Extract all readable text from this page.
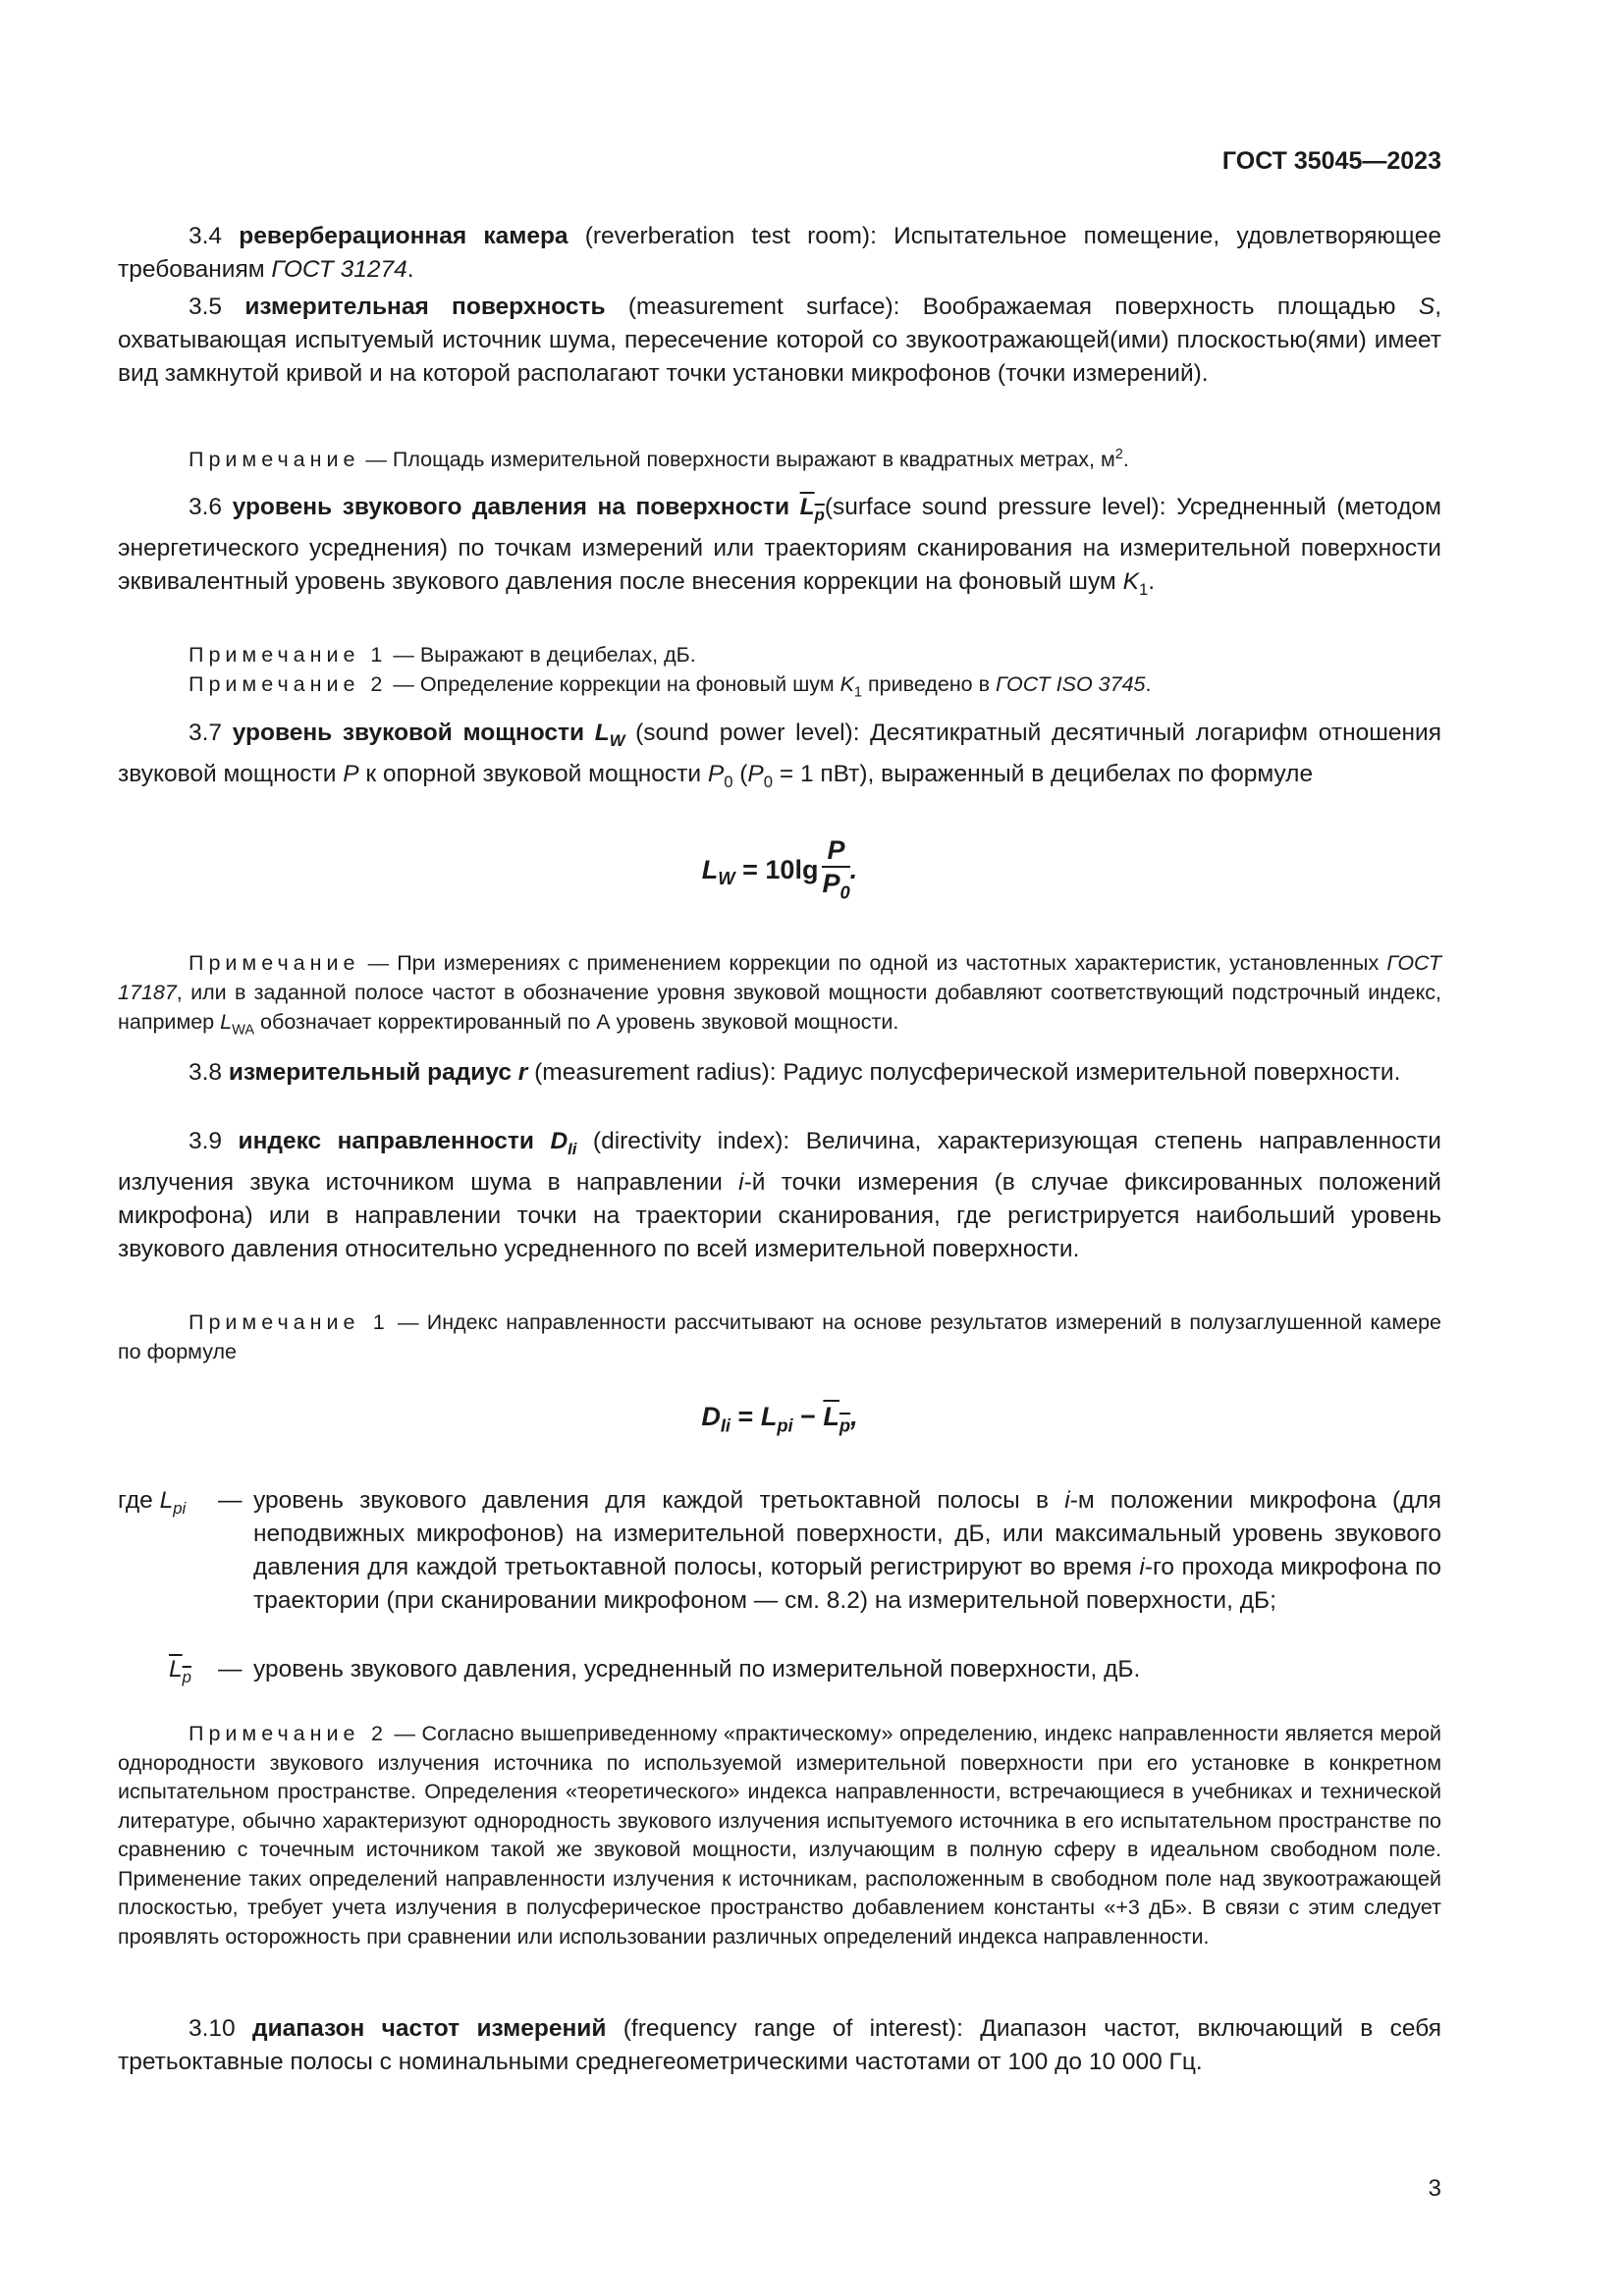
ГОСТ 35045—2023

3.4 реверберационная камера (reverberation test room): Испытательное помещение, удовлетворяющее требованиям ГОСТ 31274.

3.5 измерительная поверхность (measurement surface): Воображаемая поверхность площадью S, охватывающая испытуемый источник шума, пересечение которой со звукоотражающей(ими) плоскостью(ями) имеет вид замкнутой кривой и на которой располагают точки установки микрофонов (точки измерений).

Примечание — Площадь измерительной поверхности выражают в квадратных метрах, $м^2$.

3.6 уровень звукового давления на поверхности $L_p(surface$ sound pressure level): Усредненный (методом энергетического усреднения) по точкам измерений или траекториям сканирования на измерительной поверхности эквивалентный уровень звукового давления после внесения коррекции на фоновый шум $K_1$.

Примечание 1 — Выражают в децибелах, дБ.

Примечание 2 — Определение коррекции на фоновый шум $K_1$ приведено в ГОСТ ISO 3745.

3.7 уровень звуковой мощности $L_W$ (sound power level): Десятикратный десятичный логарифм отношения звуковой мощности P к опорной звуковой мощности $P_0$ ($P_0 = 1$ пВт), выраженный в децибелах по формуле

$L_W = 10\lg \frac{P}{P_0}$ .

Примечание — При измерениях с применением коррекции по одной из частотных характеристик, установленных ГОСТ 17187, или в заданной полосе частот в обозначение уровня звуковой мощности добавляют соответствующий подстрочный индекс, например $L_{WA}$ обозначает корректированный по А уровень звуковой мощности.

3.8 измерительный радиус r (measurement radius): Радиус полусферической измерительной поверхности.

3.9 индекс направленности $D_{Ii}$ (directivity index): Величина, характеризующая степень направленности излучения звука источником шума в направлении i-й точки измерения (в случае фиксированных положений микрофона) или в направлении точки на траектории сканирования, где регистрируется наибольший уровень звукового давления относительно усредненного по всей измерительной поверхности.

Примечание 1 — Индекс направленности рассчитывают на основе результатов измерений в полузаглушенной камере по формуле

$D_{Ii} = L_{pi} - L_p$,
где $L_{pi}$ — уровень звукового давления для каждой третьоктавной полосы в i-м положении микрофона (для неподвижных микрофонов) на измерительной поверхности, дБ, или максимальный уровень звукового давления для каждой третьоктавной полосы, который регистрируют во время i-го прохода микрофона по траектории (при сканировании микрофоном — см. 8.2) на измерительной поверхности, дБ;

$L_p$ — уровень звукового давления, усредненный по измерительной поверхности, дБ.

Примечание 2 — Согласно вышеприведенному «практическому» определению, индекс направленности является мерой однородности звукового излучения источника по используемой измерительной поверхности при его установке в конкретном испытательном пространстве. Определения «теоретического» индекса направленности, встречающиеся в учебниках и технической литературе, обычно характеризуют однородность звукового излучения испытуемого источника в его испытательном пространстве по сравнению с точечным источником такой же звуковой мощности, излучающим в полную сферу в идеальном свободном поле. Применение таких определений направленности излучения к источникам, расположенным в свободном поле над звукоотражающей плоскостью, требует учета излучения в полусферическое пространство добавлением константы «+3 дБ». В связи с этим следует проявлять осторожность при сравнении или использовании различных определений индекса направленности.

3.10 диапазон частот измерений (frequency range of interest): Диапазон частот, включающий в себя третьоктавные полосы с номинальными среднегеометрическими частотами от 100 до 10 000 Гц.

3
